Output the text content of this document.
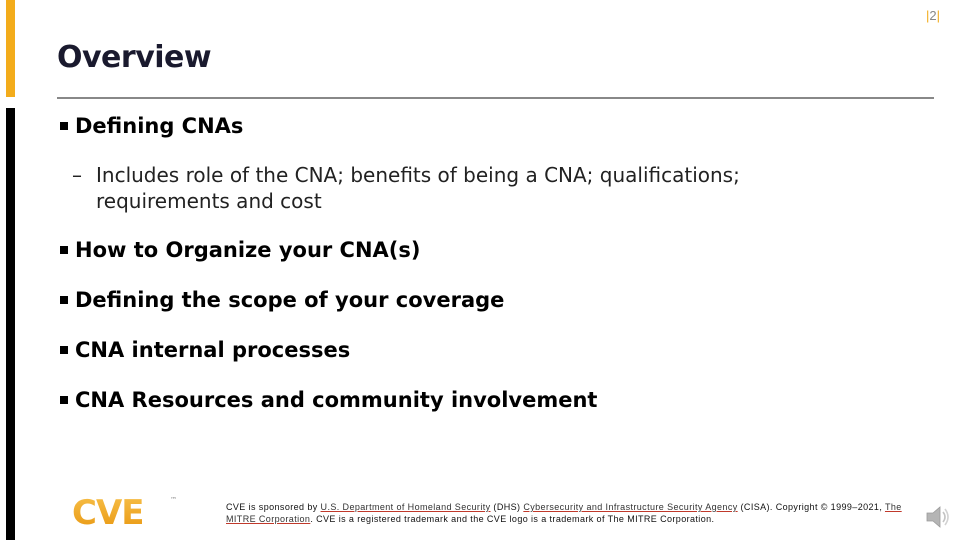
|2|
Overview
Defining CNAs
– Includes role of the CNA; benefits of being a CNA; qualifications; requirements and cost
How to Organize your CNA(s)
Defining the scope of your coverage
CNA internal processes
CNA Resources and community involvement
CVE	™
CVE is sponsored by U.S. Department of Homeland Security (DHS) Cybersecurity and Infrastructure Security Agency (CISA). Copyright © 1999–2021, The MITRE Corporation. CVE is a registered trademark and the CVE logo is a trademark of The MITRE Corporation.
